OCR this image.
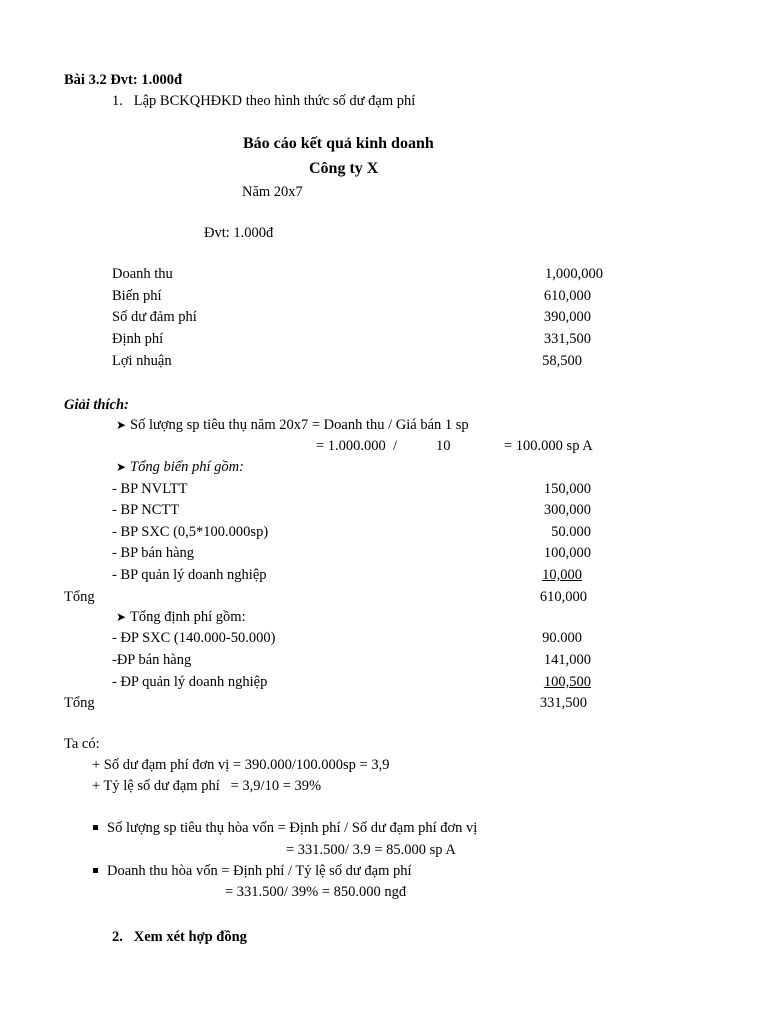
Bài 3.2 Đvt: 1.000đ
1.   Lập BCKQHĐKD theo hình thức số dư đạm phí
Báo cáo kết quả kinh doanh
Công ty X
Năm 20x7
Đvt: 1.000đ
Doanh thu	1,000,000
Biến phí	610,000
Số dư đảm phí	390,000
Định phí	331,500
Lợi nhuận	58,500
Giải thích:
➤ Số lượng sp tiêu thụ năm 20x7 = Doanh thu / Giá bán 1 sp
= 1.000.000  /	10	= 100.000 sp A
➤ Tổng biến phí gồm:
- BP NVLTT	150,000
- BP NCTT	300,000
- BP SXC (0,5*100.000sp)	50.000
- BP bán hàng	100,000
- BP quản lý doanh nghiệp	10,000
Tổng	610,000
➤ Tổng định phí gồm:
- ĐP SXC (140.000-50.000)	90.000
-ĐP bán hàng	141,000
- ĐP quản lý doanh nghiệp	100,500
Tổng	331,500
Ta có:
+ Số dư đạm phí đơn vị = 390.000/100.000sp = 3,9
+ Tỷ lệ số dư đạm phí   = 3,9/10 = 39%
Số lượng sp tiêu thụ hòa vốn = Định phí / Số dư đạm phí đơn vị
= 331.500/ 3.9 = 85.000 sp A
Doanh thu hòa vốn = Định phí / Tỷ lệ số dư đạm phí
= 331.500/ 39% = 850.000 ngđ
2.   Xem xét hợp đồng
